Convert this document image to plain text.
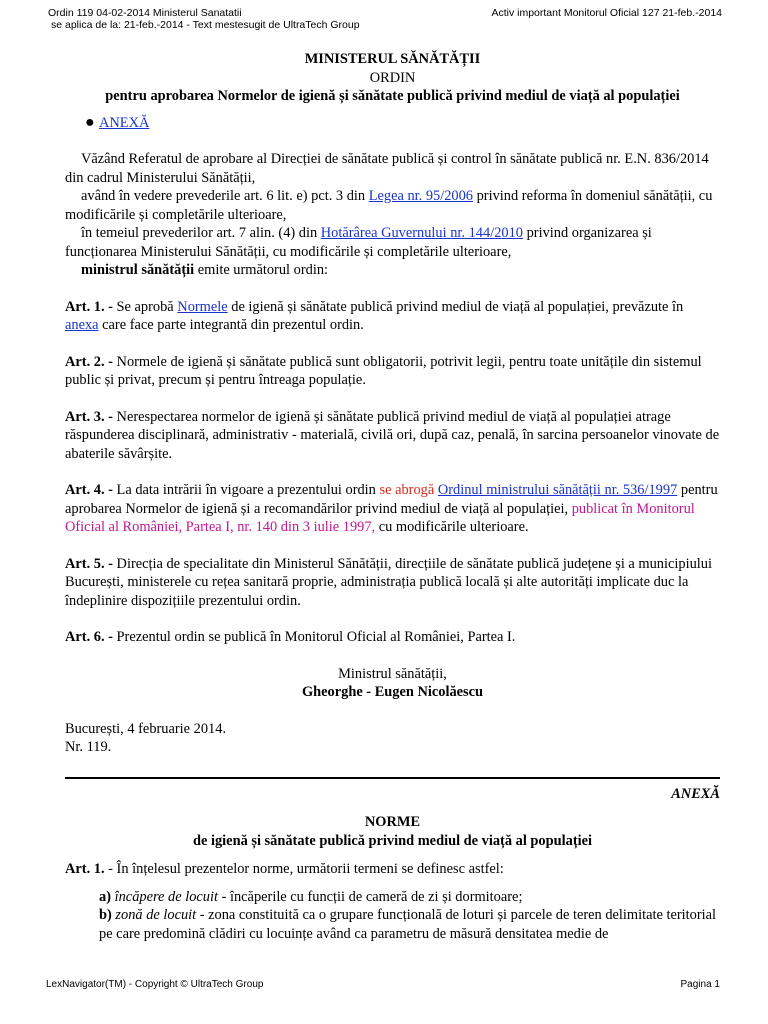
Ordin 119 04-02-2014 Ministerul Sanatatii
se aplica de la: 21-feb.-2014 - Text mestesugit de UltraTech Group
Activ important Monitorul Oficial 127 21-feb.-2014
MINISTERUL SĂNĂTĂȚII
ORDIN
pentru aprobarea Normelor de igienă și sănătate publică privind mediul de viață al populației
● ANEXĂ
Văzând Referatul de aprobare al Direcției de sănătate publică și control în sănătate publică nr. E.N. 836/2014 din cadrul Ministerului Sănătății,
având în vedere prevederile art. 6 lit. e) pct. 3 din Legea nr. 95/2006 privind reforma în domeniul sănătății, cu modificările și completările ulterioare,
în temeiul prevederilor art. 7 alin. (4) din Hotărârea Guvernului nr. 144/2010 privind organizarea și funcționarea Ministerului Sănătății, cu modificările și completările ulterioare,
ministrul sănătății emite următorul ordin:
Art. 1. - Se aprobă Normele de igienă și sănătate publică privind mediul de viață al populației, prevăzute în anexa care face parte integrantă din prezentul ordin.
Art. 2. - Normele de igienă și sănătate publică sunt obligatorii, potrivit legii, pentru toate unitățile din sistemul public și privat, precum și pentru întreaga populație.
Art. 3. - Nerespectarea normelor de igienă și sănătate publică privind mediul de viață al populației atrage răspunderea disciplinară, administrativ - materială, civilă ori, după caz, penală, în sarcina persoanelor vinovate de abaterile săvârșite.
Art. 4. - La data intrării în vigoare a prezentului ordin se abrogă Ordinul ministrului sănătății nr. 536/1997 pentru aprobarea Normelor de igienă și a recomandărilor privind mediul de viață al populației, publicat în Monitorul Oficial al României, Partea I, nr. 140 din 3 iulie 1997, cu modificările ulterioare.
Art. 5. - Direcția de specialitate din Ministerul Sănătății, direcțiile de sănătate publică județene și a municipiului București, ministerele cu rețea sanitară proprie, administrația publică locală și alte autorități implicate duc la îndeplinire dispozițiile prezentului ordin.
Art. 6. - Prezentul ordin se publică în Monitorul Oficial al României, Partea I.
Ministrul sănătății,
Gheorghe - Eugen Nicolăescu
București, 4 februarie 2014.
Nr. 119.
ANEXĂ
NORME
de igienă și sănătate publică privind mediul de viață al populației
Art. 1. - În înțelesul prezentelor norme, următorii termeni se definesc astfel:
a) încăpere de locuit - încăperile cu funcții de cameră de zi și dormitoare;
b) zonă de locuit - zona constituită ca o grupare funcțională de loturi și parcele de teren delimitate teritorial pe care predomină clădiri cu locuințe având ca parametru de măsură densitatea medie de
LexNavigator(TM) - Copyright © UltraTech Group	Pagina 1
